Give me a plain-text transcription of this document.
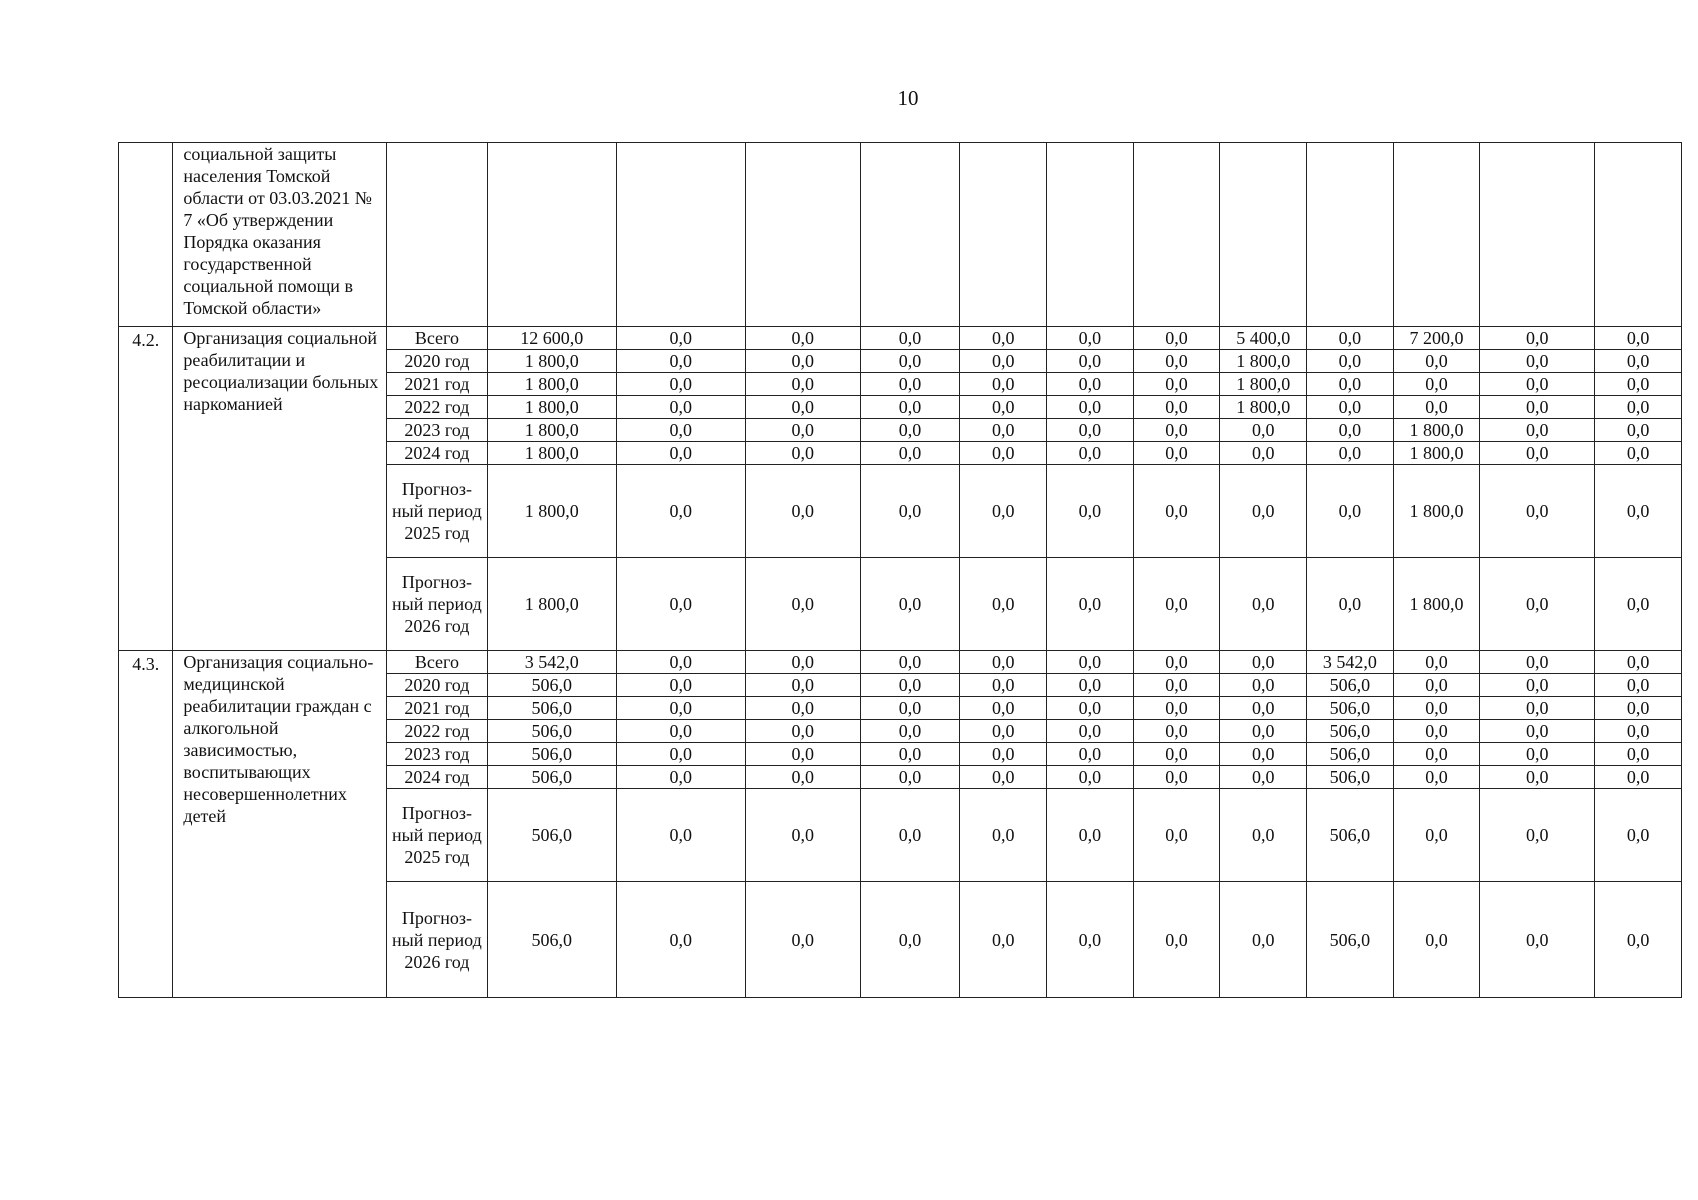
10
	социальной защиты населения Томской области от 03.03.2021 № 7 «Об утверждении Порядка оказания государственной социальной помощи в Томской области»													
4.2.	Организация социальной реабилитации и ресоциализации больных наркоманией	Всего	12 600,0	0,0	0,0	0,0	0,0	0,0	0,0	5 400,0	0,0	7 200,0	0,0	0,0
		2020 год	1 800,0	0,0	0,0	0,0	0,0	0,0	0,0	1 800,0	0,0	0,0	0,0	0,0
		2021 год	1 800,0	0,0	0,0	0,0	0,0	0,0	0,0	1 800,0	0,0	0,0	0,0	0,0
		2022 год	1 800,0	0,0	0,0	0,0	0,0	0,0	0,0	1 800,0	0,0	0,0	0,0	0,0
		2023 год	1 800,0	0,0	0,0	0,0	0,0	0,0	0,0	0,0	0,0	1 800,0	0,0	0,0
		2024 год	1 800,0	0,0	0,0	0,0	0,0	0,0	0,0	0,0	0,0	1 800,0	0,0	0,0
		Прогноз-ный период 2025 год	1 800,0	0,0	0,0	0,0	0,0	0,0	0,0	0,0	0,0	1 800,0	0,0	0,0
		Прогноз-ный период 2026 год	1 800,0	0,0	0,0	0,0	0,0	0,0	0,0	0,0	0,0	1 800,0	0,0	0,0
4.3.	Организация социально-медицинской реабилитации граждан с алкогольной зависимостью, воспитывающих несовершеннолетних детей	Всего	3 542,0	0,0	0,0	0,0	0,0	0,0	0,0	0,0	3 542,0	0,0	0,0	0,0
		2020 год	506,0	0,0	0,0	0,0	0,0	0,0	0,0	0,0	506,0	0,0	0,0	0,0
		2021 год	506,0	0,0	0,0	0,0	0,0	0,0	0,0	0,0	506,0	0,0	0,0	0,0
		2022 год	506,0	0,0	0,0	0,0	0,0	0,0	0,0	0,0	506,0	0,0	0,0	0,0
		2023 год	506,0	0,0	0,0	0,0	0,0	0,0	0,0	0,0	506,0	0,0	0,0	0,0
		2024 год	506,0	0,0	0,0	0,0	0,0	0,0	0,0	0,0	506,0	0,0	0,0	0,0
		Прогноз-ный период 2025 год	506,0	0,0	0,0	0,0	0,0	0,0	0,0	0,0	506,0	0,0	0,0	0,0
		Прогноз-ный период 2026 год	506,0	0,0	0,0	0,0	0,0	0,0	0,0	0,0	506,0	0,0	0,0	0,0
